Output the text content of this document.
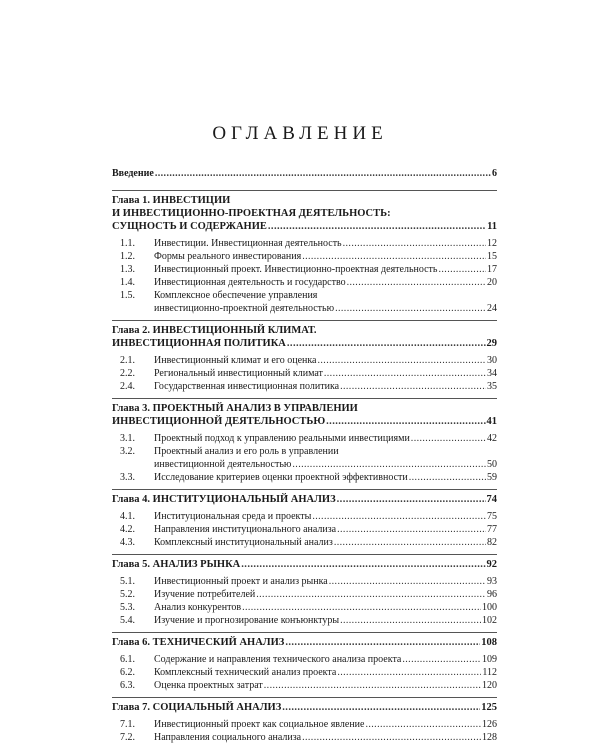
ОГЛАВЛЕНИЕ
Введение .....	6
Глава 1. ИНВЕСТИЦИИ
И ИНВЕСТИЦИОННО-ПРОЕКТНАЯ ДЕЯТЕЛЬНОСТЬ:
СУЩНОСТЬ И СОДЕРЖАНИЕ .....	11
1.1.	Инвестиции. Инвестиционная деятельность .....	12
1.2.	Формы реального инвестирования .....	15
1.3.	Инвестиционный проект. Инвестиционно-проектная деятельность .....	17
1.4.	Инвестиционная деятельность и государство .....	20
1.5.	Комплексное обеспечение управления
инвестиционно-проектной деятельностью .....	24
Глава 2. ИНВЕСТИЦИОННЫЙ КЛИМАТ.
ИНВЕСТИЦИОННАЯ ПОЛИТИКА .....	29
2.1.	Инвестиционный климат и его оценка .....	30
2.2.	Региональный инвестиционный климат .....	34
2.4.	Государственная инвестиционная политика .....	35
Глава 3. ПРОЕКТНЫЙ АНАЛИЗ В УПРАВЛЕНИИ
ИНВЕСТИЦИОННОЙ ДЕЯТЕЛЬНОСТЬЮ .....	41
3.1.	Проектный подход к управлению реальными инвестициями .....	42
3.2.	Проектный анализ и его роль в управлении
инвестиционной деятельностью .....	50
3.3.	Исследование критериев оценки проектной эффективности .....	59
Глава 4. ИНСТИТУЦИОНАЛЬНЫЙ АНАЛИЗ .....	74
4.1.	Институциональная среда и проекты .....	75
4.2.	Направления институционального анализа .....	77
4.3.	Комплексный институциональный анализ .....	82
Глава 5. АНАЛИЗ РЫНКА .....	92
5.1.	Инвестиционный проект и анализ рынка .....	93
5.2.	Изучение потребителей .....	96
5.3.	Анализ конкурентов .....	100
5.4.	Изучение и прогнозирование конъюнктуры .....	102
Глава 6. ТЕХНИЧЕСКИЙ АНАЛИЗ .....	108
6.1.	Содержание и направления технического анализа проекта .....	109
6.2.	Комплексный технический анализ проекта .....	112
6.3.	Оценка проектных затрат .....	120
Глава 7. СОЦИАЛЬНЫЙ АНАЛИЗ .....	125
7.1.	Инвестиционный проект как социальное явление .....	126
7.2.	Направления социального анализа .....	128
